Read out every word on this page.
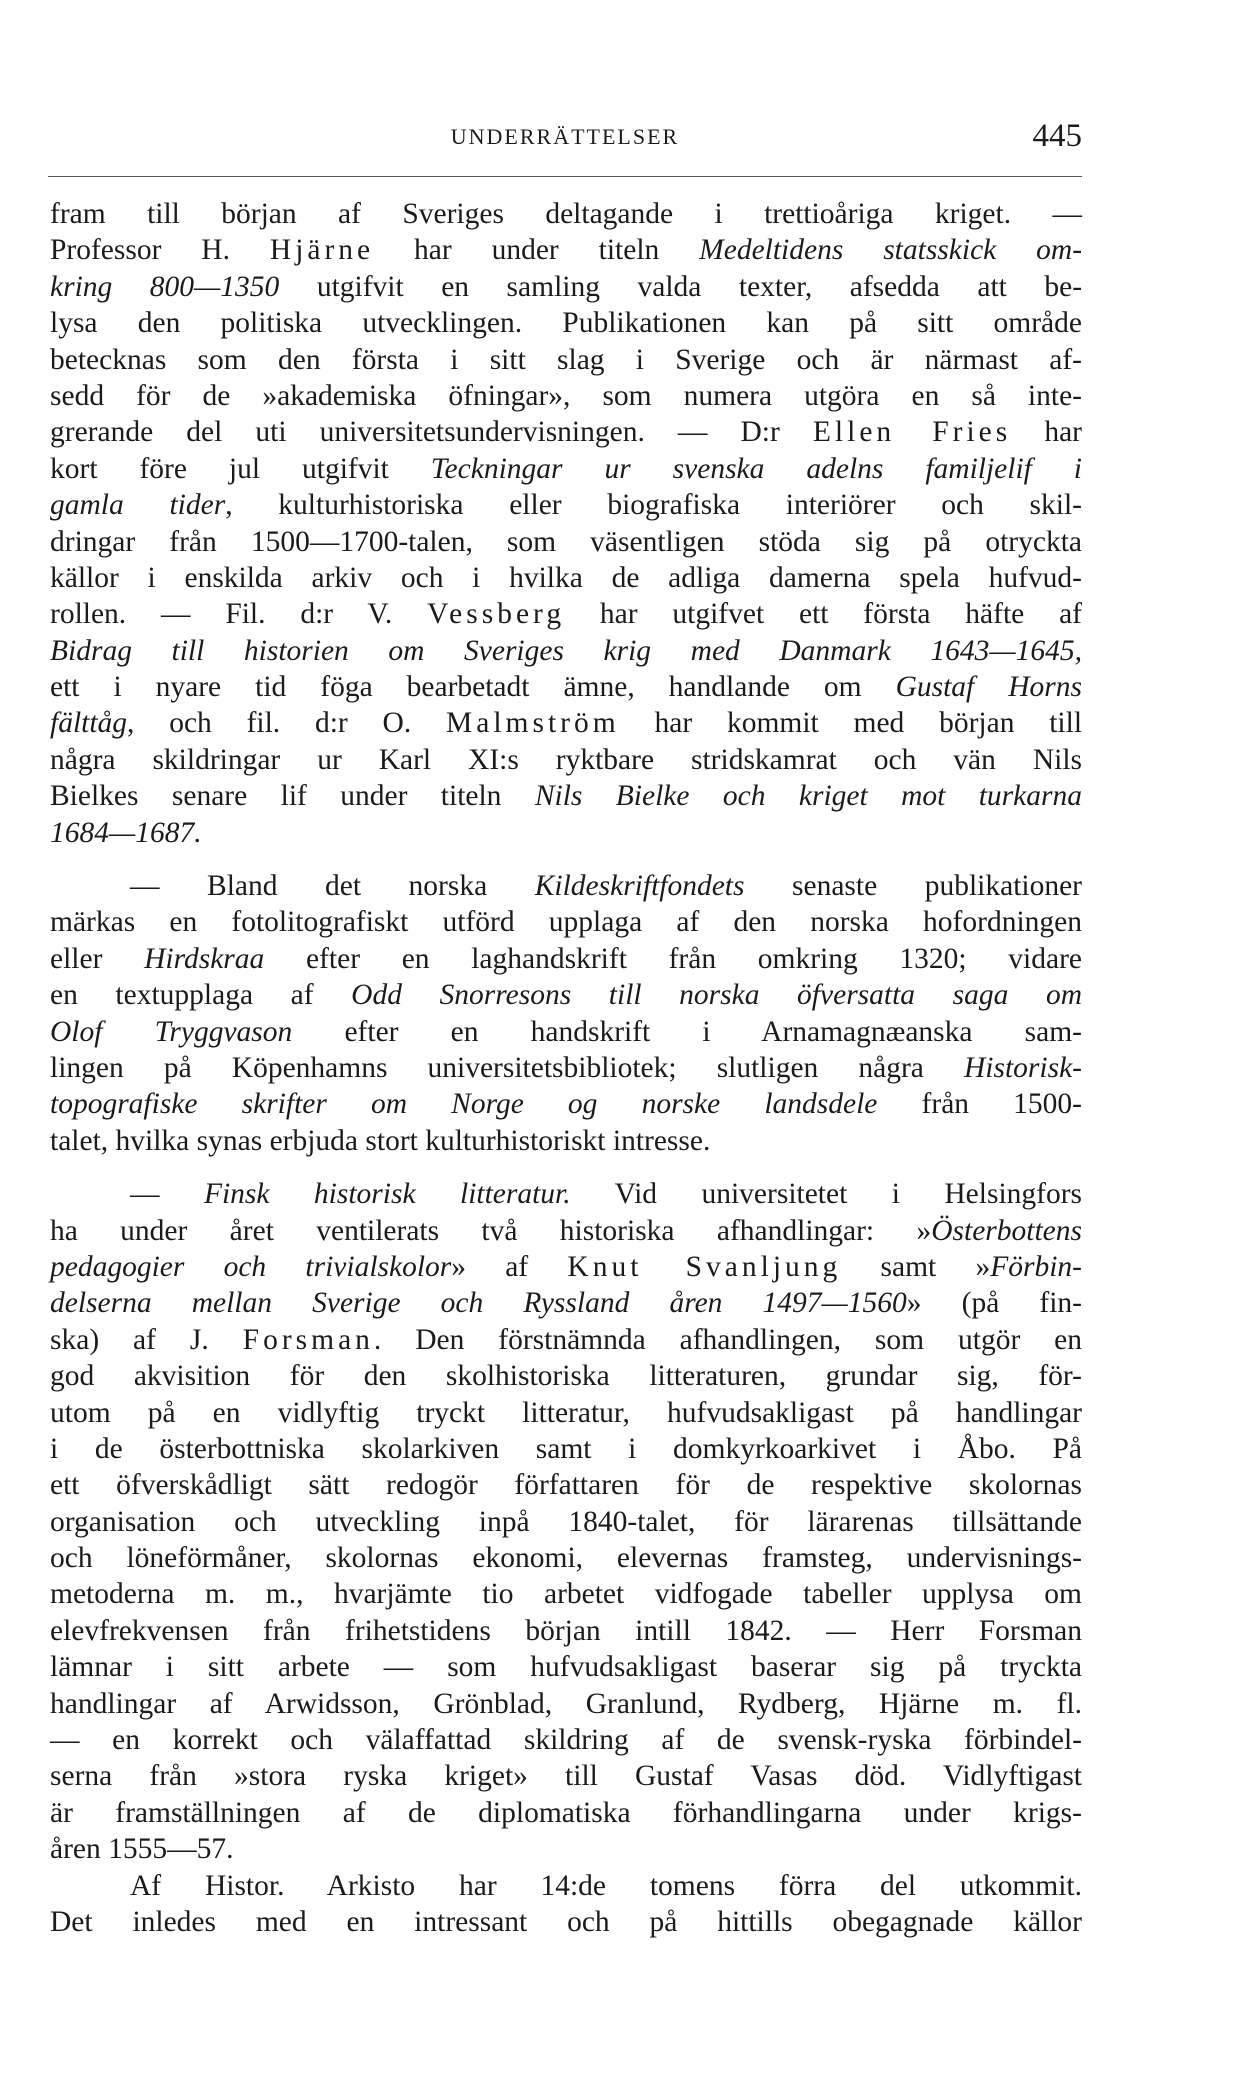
UNDERRÄTTELSER	445
fram till början af Sveriges deltagande i trettioåriga kriget. —
Professor H. Hjärne har under titeln Medeltidens statsskick om-
kring 800—1350 utgifvit en samling valda texter, afsedda att be-
lysa den politiska utvecklingen. Publikationen kan på sitt område
betecknas som den första i sitt slag i Sverige och är närmast af-
sedd för de »akademiska öfningar», som numera utgöra en så inte-
grerande del uti universitetsundervisningen. — D:r Ellen Fries har
kort före jul utgifvit Teckningar ur svenska adelns familjelif i
gamla tider, kulturhistoriska eller biografiska interiörer och skil-
dringar från 1500—1700-talen, som väsentligen stöda sig på otryckta
källor i enskilda arkiv och i hvilka de adliga damerna spela hufvud-
rollen. — Fil. d:r V. Vessberg har utgifvet ett första häfte af
Bidrag till historien om Sveriges krig med Danmark 1643—1645,
ett i nyare tid föga bearbetadt ämne, handlande om Gustaf Horns
fälttåg, och fil. d:r O. Malmström har kommit med början till
några skildringar ur Karl XI:s ryktbare stridskamrat och vän Nils
Bielkes senare lif under titeln Nils Bielke och kriget mot turkarna
1684—1687.
— Bland det norska Kildeskriftfondets senaste publikationer
märkas en fotolitografiskt utförd upplaga af den norska hofordningen
eller Hirdskraa efter en laghandskrift från omkring 1320; vidare
en textupplaga af Odd Snorresons till norska öfversatta saga om
Olof Tryggvason efter en handskrift i Arnamagnæanska sam-
lingen på Köpenhamns universitetsbibliotek; slutligen några Historisk-
topografiske skrifter om Norge og norske landsdele från 1500-
talet, hvilka synas erbjuda stort kulturhistoriskt intresse.
— Finsk historisk litteratur. Vid universitetet i Helsingfors
ha under året ventilerats två historiska afhandlingar: »Österbottens
pedagogier och trivialskolor» af Knut Svanljung samt »Förbin-
delserna mellan Sverige och Ryssland åren 1497—1560» (på fin-
ska) af J. Forsman. Den förstnämnda afhandlingen, som utgör en
god akvisition för den skolhistoriska litteraturen, grundar sig, för-
utom på en vidlyftig tryckt litteratur, hufvudsakligast på handlingar
i de österbottniska skolarkiven samt i domkyrkoarkivet i Åbo. På
ett öfverskådligt sätt redogör författaren för de respektive skolornas
organisation och utveckling inpå 1840-talet, för lärarenas tillsättande
och löneförmåner, skolornas ekonomi, elevernas framsteg, undervisnings-
metoderna m. m., hvarjämte tio arbetet vidfogade tabeller upplysa om
elevfrekvensen från frihetstidens början intill 1842. — Herr Forsman
lämnar i sitt arbete — som hufvudsakligast baserar sig på tryckta
handlingar af Arwidsson, Grönblad, Granlund, Rydberg, Hjärne m. fl.
— en korrekt och välaffattad skildring af de svensk-ryska förbindel-
serna från »stora ryska kriget» till Gustaf Vasas död. Vidlyftigast
är framställningen af de diplomatiska förhandlingarna under krigs-
åren 1555—57.
Af Histor. Arkisto har 14:de tomens förra del utkommit.
Det inledes med en intressant och på hittills obegagnade källor
